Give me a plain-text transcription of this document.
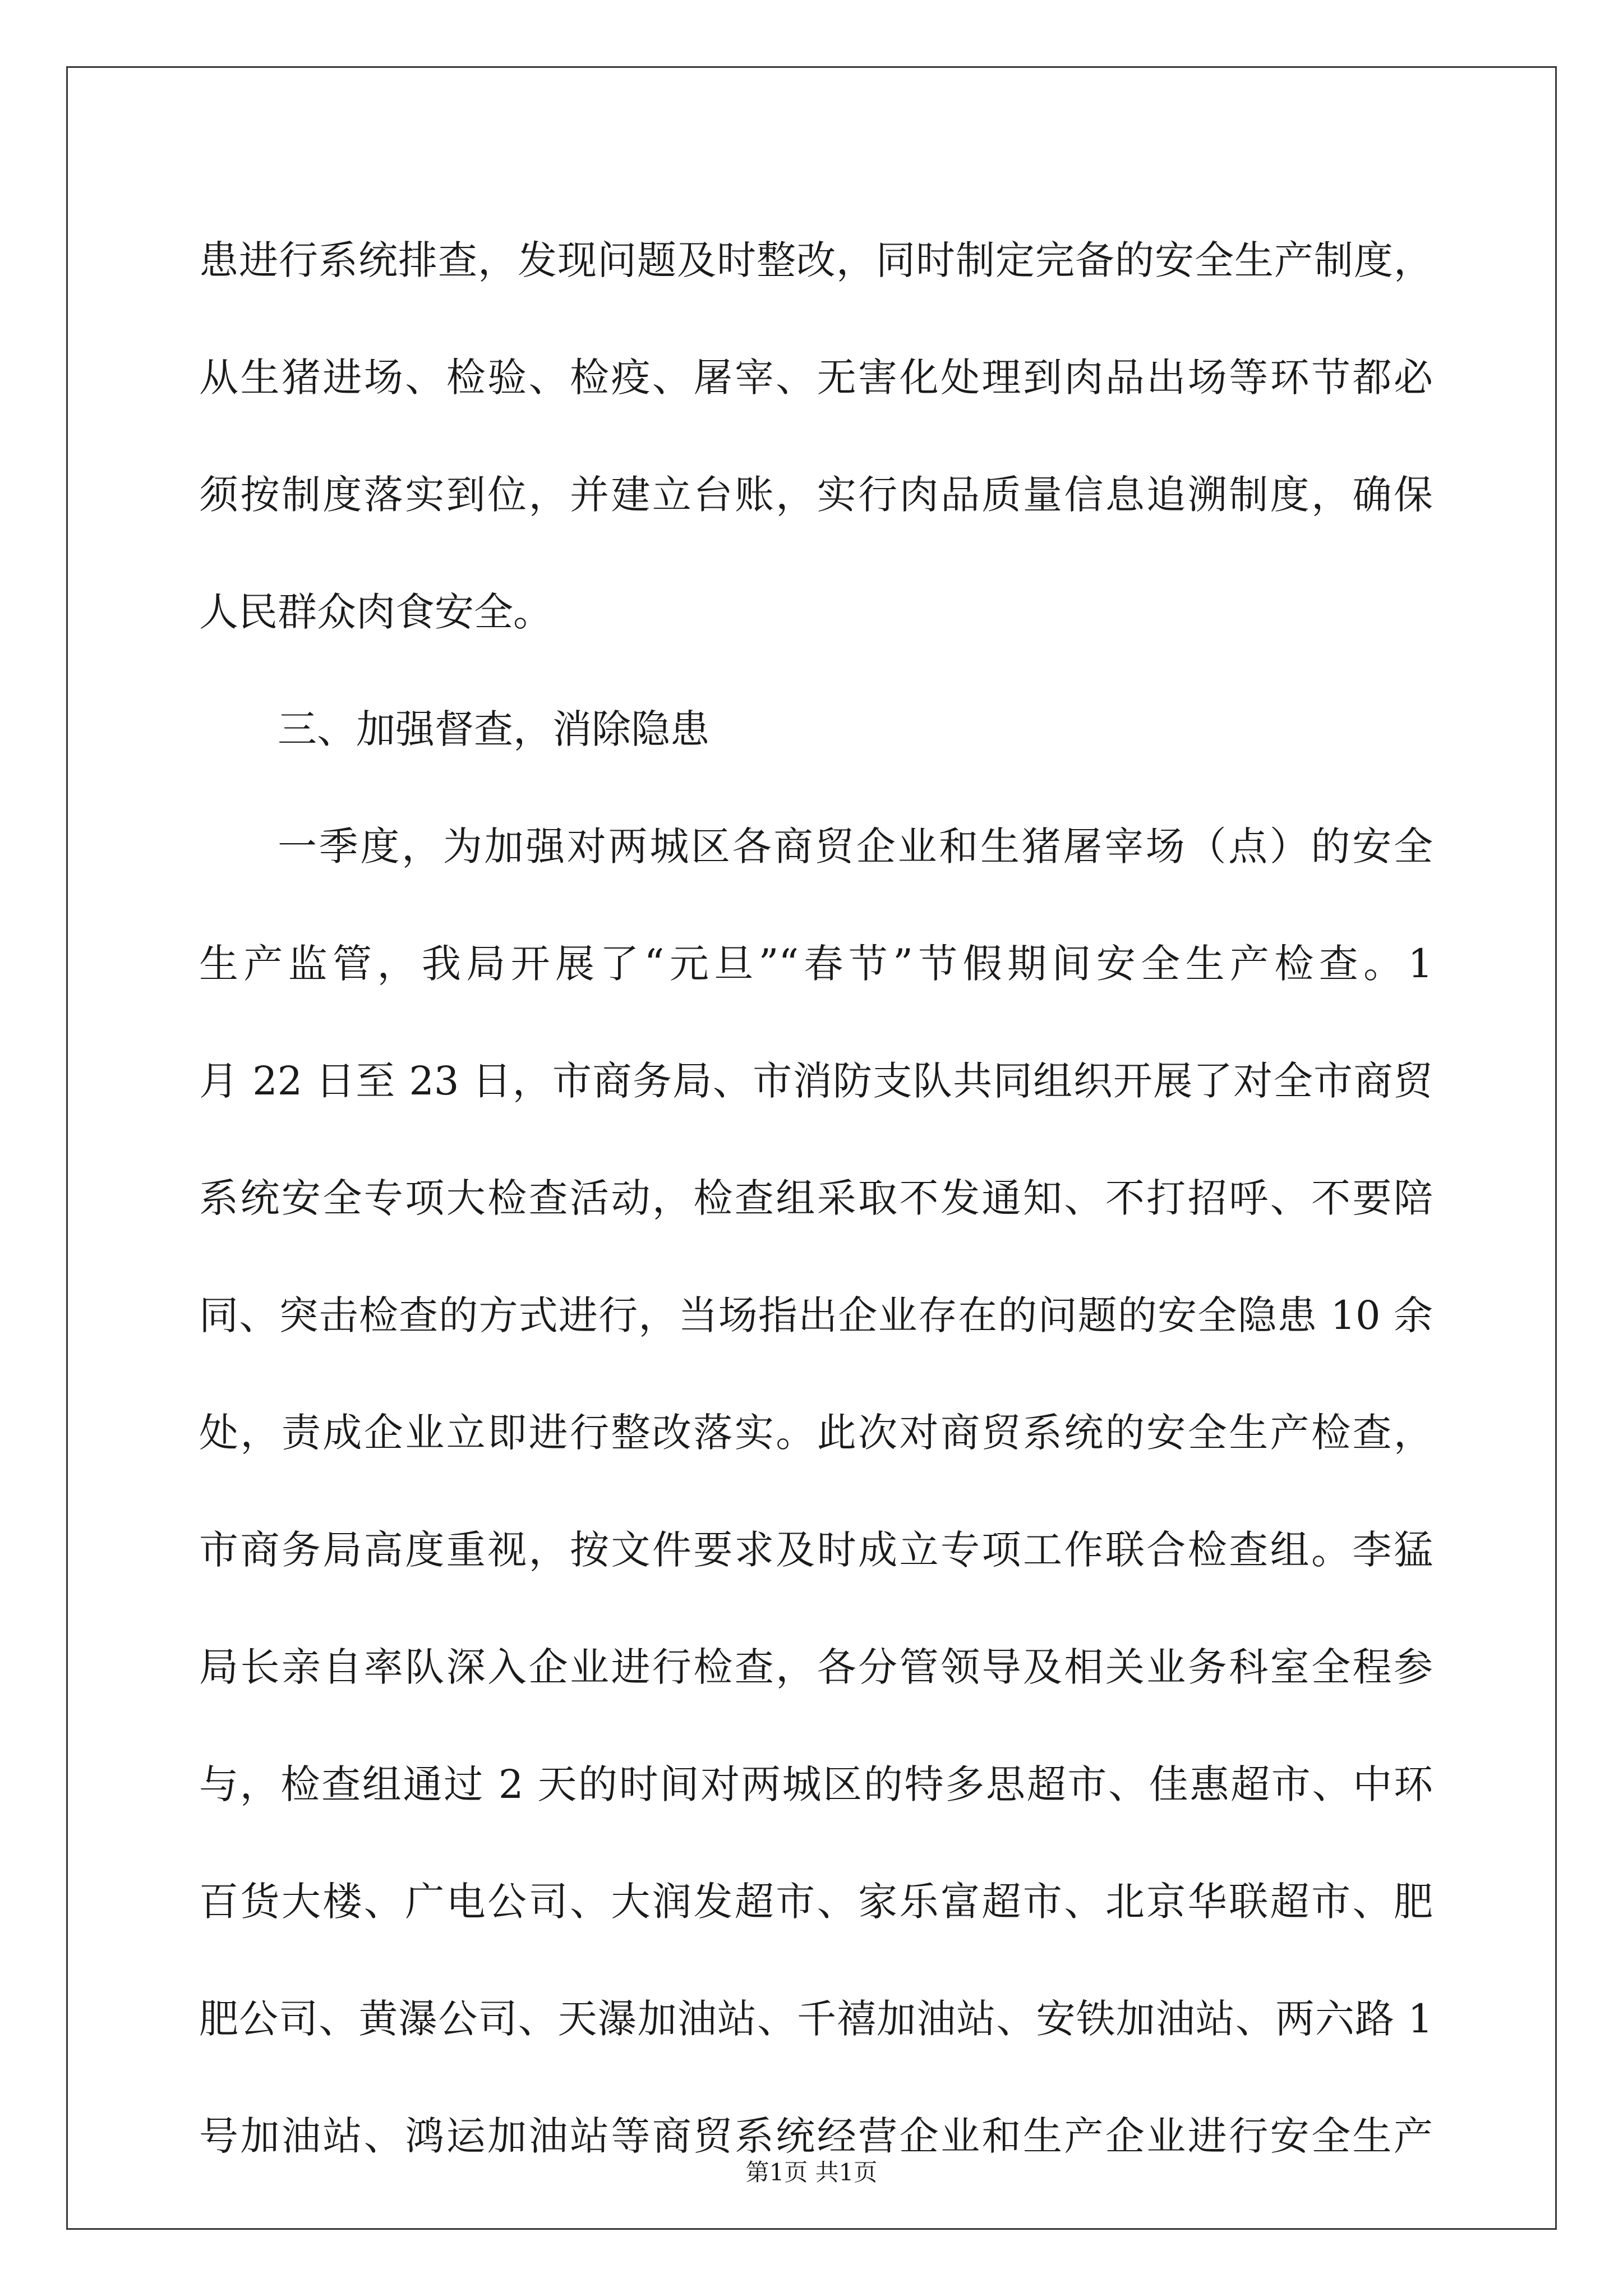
患进行系统排查，发现问题及时整改，同时制定完备的安全生产制度，
从生猪进场、检验、检疫、屠宰、无害化处理到肉品出场等环节都必
须按制度落实到位，并建立台账，实行肉品质量信息追溯制度，确保
人民群众肉食安全。
三、加强督查，消除隐患
一季度，为加强对两城区各商贸企业和生猪屠宰场（点）的安全
生产监管，我局开展了“元旦”“春节”节假期间安全生产检查。1
月 22 日至 23 日，市商务局、市消防支队共同组织开展了对全市商贸
系统安全专项大检查活动，检查组采取不发通知、不打招呼、不要陪
同、突击检查的方式进行，当场指出企业存在的问题的安全隐患 10 余
处，责成企业立即进行整改落实。此次对商贸系统的安全生产检查，
市商务局高度重视，按文件要求及时成立专项工作联合检查组。李猛
局长亲自率队深入企业进行检查，各分管领导及相关业务科室全程参
与，检查组通过 2 天的时间对两城区的特多思超市、佳惠超市、中环
百货大楼、广电公司、大润发超市、家乐富超市、北京华联超市、肥
肥公司、黄瀑公司、天瀑加油站、千禧加油站、安铁加油站、两六路 1
号加油站、鸿运加油站等商贸系统经营企业和生产企业进行安全生产
第1页 共1页
